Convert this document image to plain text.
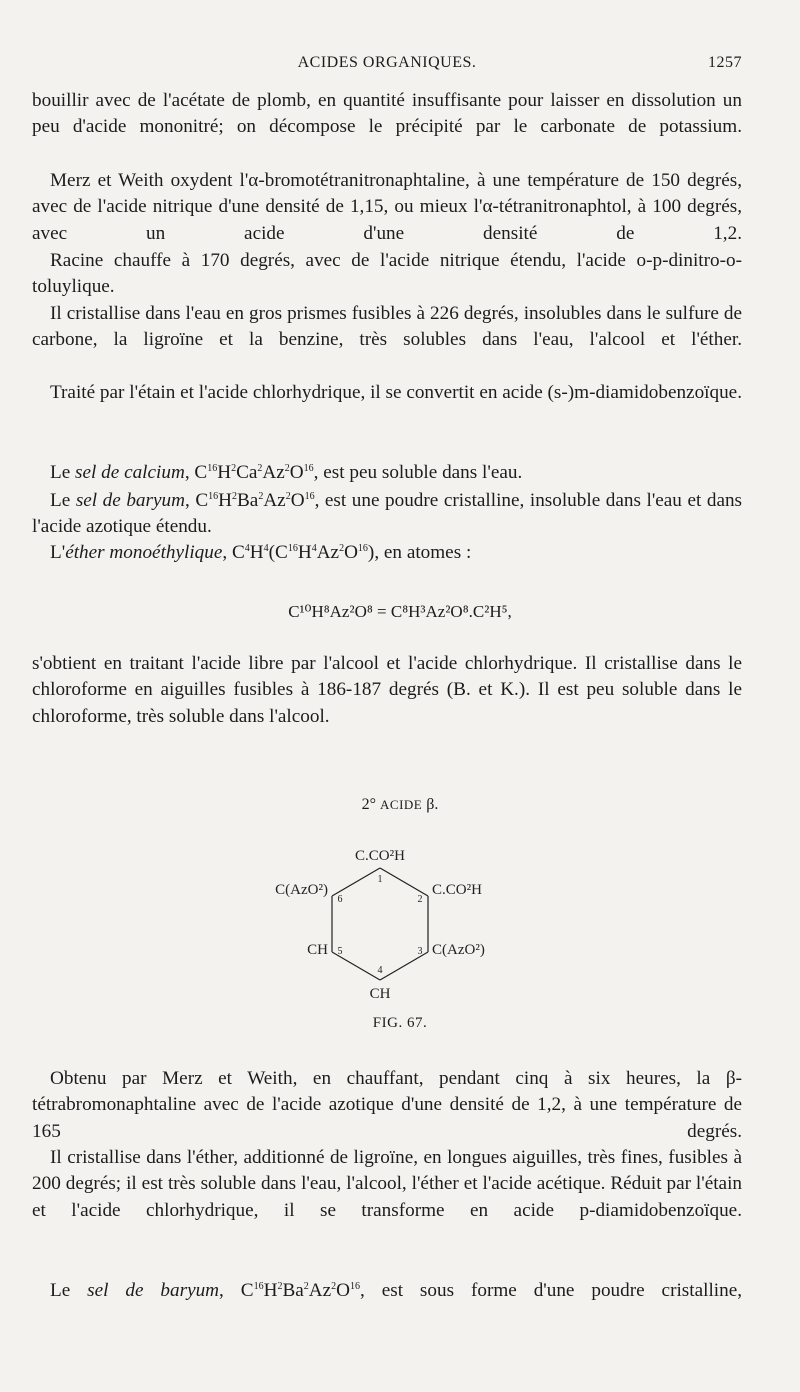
ACIDES ORGANIQUES.	1257
bouillir avec de l'acétate de plomb, en quantité insuffisante pour laisser en dissolution un peu d'acide mononitré; on décompose le précipité par le carbonate de potassium.
Merz et Weith oxydent l'α-bromotétranitronaphtaline, à une température de 150 degrés, avec de l'acide nitrique d'une densité de 1,15, ou mieux l'α-tétranitronaphtol, à 100 degrés, avec un acide d'une densité de 1,2.
Racine chauffe à 170 degrés, avec de l'acide nitrique étendu, l'acide o-p-dinitro-o-toluylique.
Il cristallise dans l'eau en gros prismes fusibles à 226 degrés, insolubles dans le sulfure de carbone, la ligroïne et la benzine, très solubles dans l'eau, l'alcool et l'éther.
Traité par l'étain et l'acide chlorhydrique, il se convertit en acide (s-)m-diamidobenzoïque.
Le sel de calcium, $C^{16}H^2Ca^2Az^2O^{16}$, est peu soluble dans l'eau.
Le sel de baryum, $C^{16}H^2Ba^2Az^2O^{16}$, est une poudre cristalline, insoluble dans l'eau et dans l'acide azotique étendu.
L'éther monoéthylique, $C^4H^4(C^{16}H^4Az^2O^{16})$, en atomes :
C¹⁰H⁸Az²O⁸ = C⁸H³Az²O⁸.C²H⁵,
s'obtient en traitant l'acide libre par l'alcool et l'acide chlorhydrique. Il cristallise dans le chloroforme en aiguilles fusibles à 186-187 degrés (B. et K.). Il est peu soluble dans le chloroforme, très soluble dans l'alcool.
2° ACIDE β.
C.CO²H
C(AzO²)	C.CO²H
CH	C(AzO²)
CH
1
2
3
4
5
6
FIG. 67.
Obtenu par Merz et Weith, en chauffant, pendant cinq à six heures, la β-tétrabromonaphtaline avec de l'acide azotique d'une densité de 1,2, à une température de 165 degrés.
Il cristallise dans l'éther, additionné de ligroïne, en longues aiguilles, très fines, fusibles à 200 degrés; il est très soluble dans l'eau, l'alcool, l'éther et l'acide acétique. Réduit par l'étain et l'acide chlorhydrique, il se transforme en acide p-diamidobenzoïque.
Le sel de baryum, $C^{16}H^2Ba^2Az^2O^{16}$, est sous forme d'une poudre cristalline,
